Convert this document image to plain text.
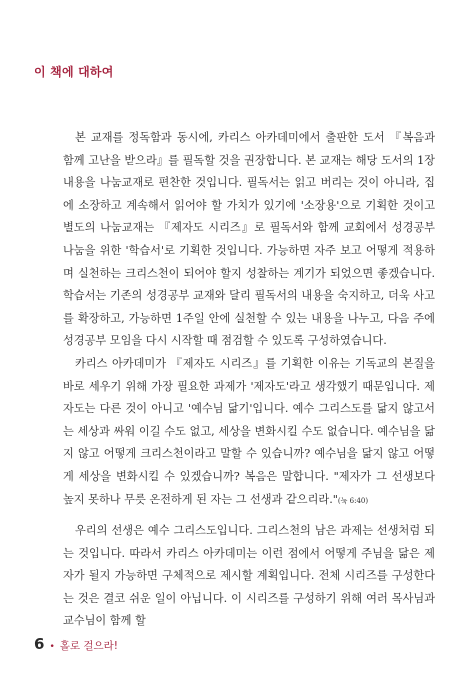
이 책에 대하여

본 교재를 정독함과 동시에, 카리스 아카데미에서 출판한 도서 『복음과 함께 고난을 받으라』를 필독할 것을 권장합니다. 본 교재는 해당 도서의 1장 내용을 나눔교재로 편찬한 것입니다. 필독서는 읽고 버리는 것이 아니라, 집에 소장하고 계속해서 읽어야 할 가치가 있기에 '소장용'으로 기획한 것이고 별도의 나눔교재는 『제자도 시리즈』로 필독서와 함께 교회에서 성경공부 나눔을 위한 '학습서'로 기획한 것입니다. 가능하면 자주 보고 어떻게 적용하며 실천하는 크리스천이 되어야 할지 성찰하는 계기가 되었으면 좋겠습니다. 학습서는 기존의 성경공부 교재와 달리 필독서의 내용을 숙지하고, 더욱 사고를 확장하고, 가능하면 1주일 안에 실천할 수 있는 내용을 나누고, 다음 주에 성경공부 모임을 다시 시작할 때 점검할 수 있도록 구성하였습니다.

카리스 아카데미가 『제자도 시리즈』를 기획한 이유는 기독교의 본질을 바로 세우기 위해 가장 필요한 과제가 '제자도'라고 생각했기 때문입니다. 제자도는 다른 것이 아니고 '예수님 닮기'입니다. 예수 그리스도를 닮지 않고서는 세상과 싸워 이길 수도 없고, 세상을 변화시킬 수도 없습니다. 예수님을 닮지 않고 어떻게 크리스천이라고 말할 수 있습니까? 예수님을 닮지 않고 어떻게 세상을 변화시킬 수 있겠습니까? 복음은 말합니다. "제자가 그 선생보다 높지 못하나 무릇 온전하게 된 자는 그 선생과 같으리라."(눅 6:40)

우리의 선생은 예수 그리스도입니다. 그리스천의 남은 과제는 선생처럼 되는 것입니다. 따라서 카리스 아카데미는 이런 점에서 어떻게 주님을 닮은 제자가 될지 가능하면 구체적으로 제시할 계획입니다. 전체 시리즈를 구성한다는 것은 결코 쉬운 일이 아닙니다. 이 시리즈를 구성하기 위해 여러 목사님과 교수님이 함께 할

6 • 홀로 걸으라!
